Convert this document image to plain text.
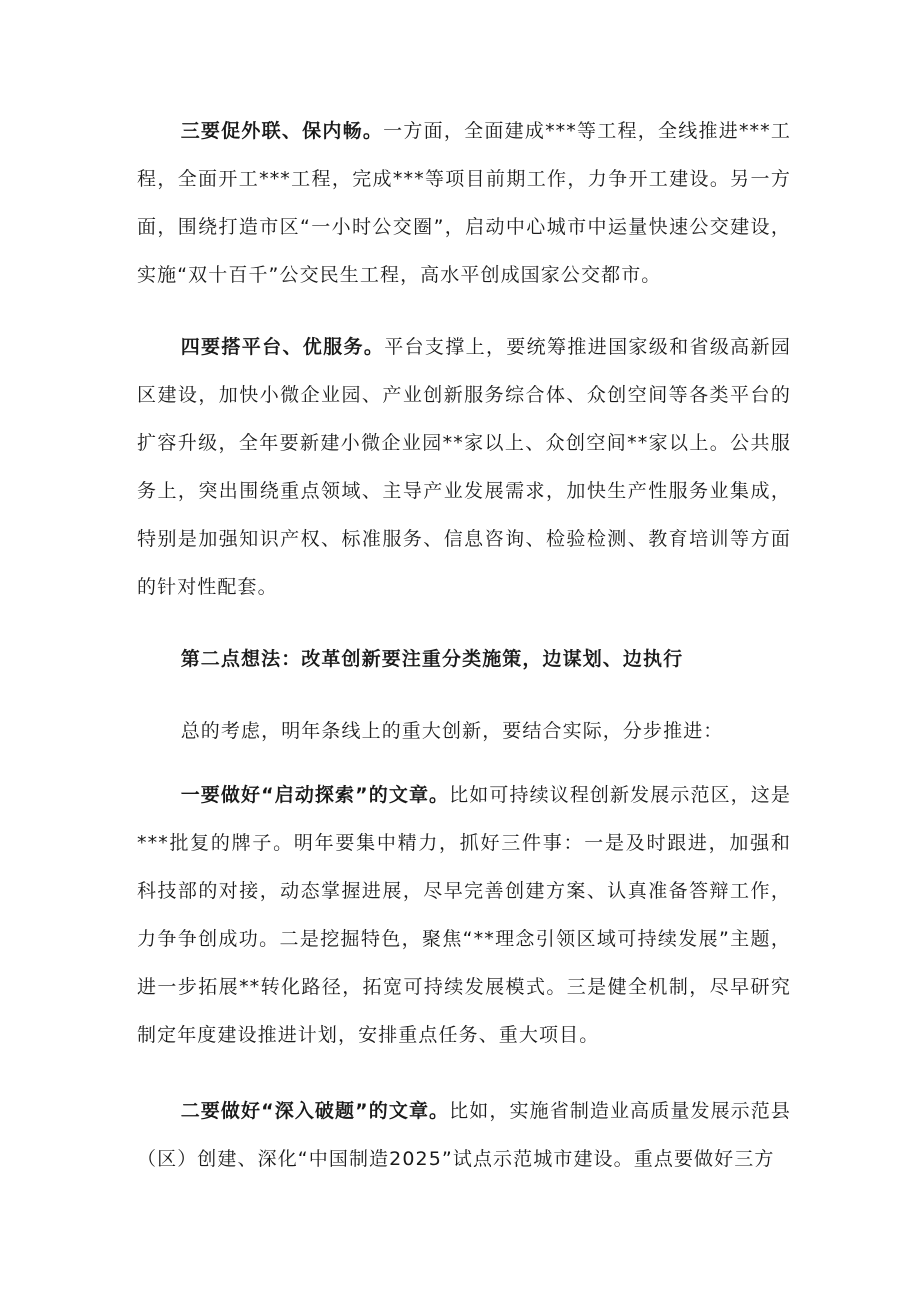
三要促外联、保内畅。一方面，全面建成***等工程，全线推进***工程，全面开工***工程，完成***等项目前期工作，力争开工建设。另一方面，围绕打造市区“一小时公交圈”，启动中心城市中运量快速公交建设，实施“双十百千”公交民生工程，高水平创成国家公交都市。

四要搭平台、优服务。平台支撑上，要统筹推进国家级和省级高新园区建设，加快小微企业园、产业创新服务综合体、众创空间等各类平台的扩容升级，全年要新建小微企业园**家以上、众创空间**家以上。公共服务上，突出围绕重点领域、主导产业发展需求，加快生产性服务业集成，特别是加强知识产权、标准服务、信息咨询、检验检测、教育培训等方面的针对性配套。

第二点想法：改革创新要注重分类施策，边谋划、边执行

总的考虑，明年条线上的重大创新，要结合实际，分步推进：

一要做好“启动探索”的文章。比如可持续议程创新发展示范区，这是***批复的牌子。明年要集中精力，抓好三件事：一是及时跟进，加强和科技部的对接，动态掌握进展，尽早完善创建方案、认真准备答辩工作，力争争创成功。二是挖掘特色，聚焦“**理念引领区域可持续发展”主题，进一步拓展**转化路径，拓宽可持续发展模式。三是健全机制，尽早研究制定年度建设推进计划，安排重点任务、重大项目。

二要做好“深入破题”的文章。比如，实施省制造业高质量发展示范县（区）创建、深化“中国制造2025”试点示范城市建设。重点要做好三方
